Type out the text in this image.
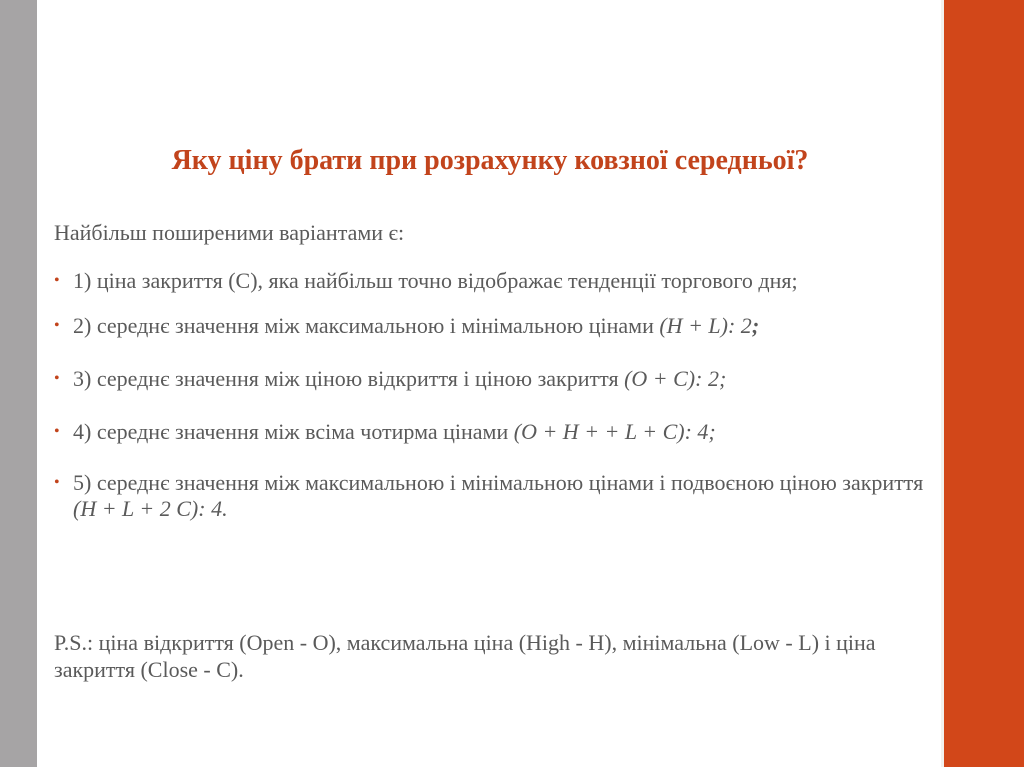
Яку ціну брати при розрахунку ковзної середньої?

Найбільш поширеними варіантами є:

• 1) ціна закриття (С), яка найбільш точно відображає тенденції торгового дня;
• 2) середнє значення між максимальною і мінімальною цінами (H + L): 2;
• 3) середнє значення між ціною відкриття і ціною закриття (О + С): 2;
• 4) середнє значення між всіма чотирма цінами (О + Н + + L + С): 4;
• 5) середнє значення між максимальною і мінімальною цінами і подвоєною ціною закриття (Н + L + 2 С): 4.

P.S.: ціна відкриття (Open - O), максимальна ціна (High - H), мінімальна (Low - L) і ціна закриття (Close - C).
